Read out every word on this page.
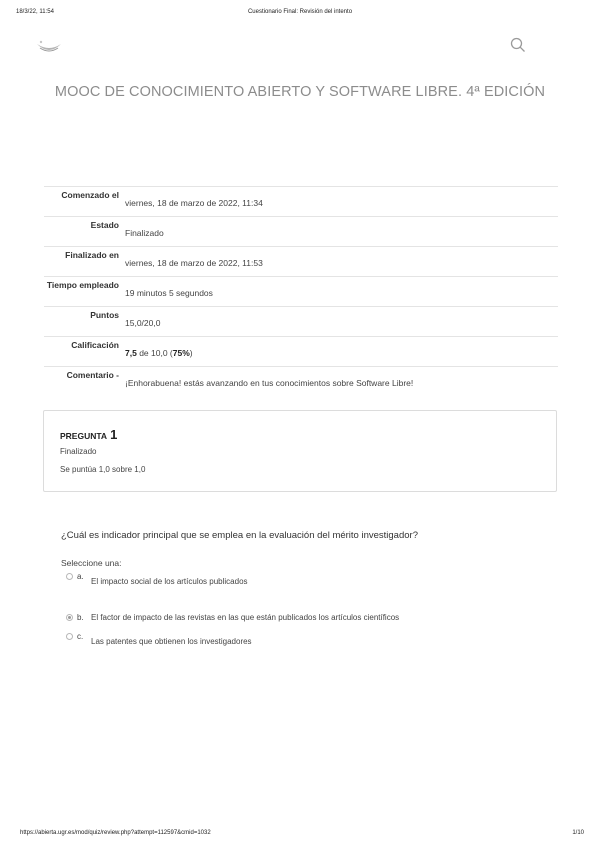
18/3/22, 11:54	Cuestionario Final: Revisión del intento
MOOC DE CONOCIMIENTO ABIERTO Y SOFTWARE LIBRE. 4ª EDICIÓN
Comenzado el
viernes, 18 de marzo de 2022, 11:34
Estado
Finalizado
Finalizado en
viernes, 18 de marzo de 2022, 11:53
Tiempo empleado
19 minutos 5 segundos
Puntos
15,0/20,0
Calificación
7,5 de 10,0 (75%)
Comentario -
¡Enhorabuena! estás avanzando en tus conocimientos sobre Software Libre!
PREGUNTA 1
Finalizado
Se puntúa 1,0 sobre 1,0
¿Cuál es indicador principal que se emplea en la evaluación del mérito investigador?
Seleccione una:
a.
El impacto social de los artículos publicados
b. El factor de impacto de las revistas en las que están publicados los artículos científicos
c.
Las patentes que obtienen los investigadores
https://abierta.ugr.es/mod/quiz/review.php?attempt=112597&cmid=1032	1/10
